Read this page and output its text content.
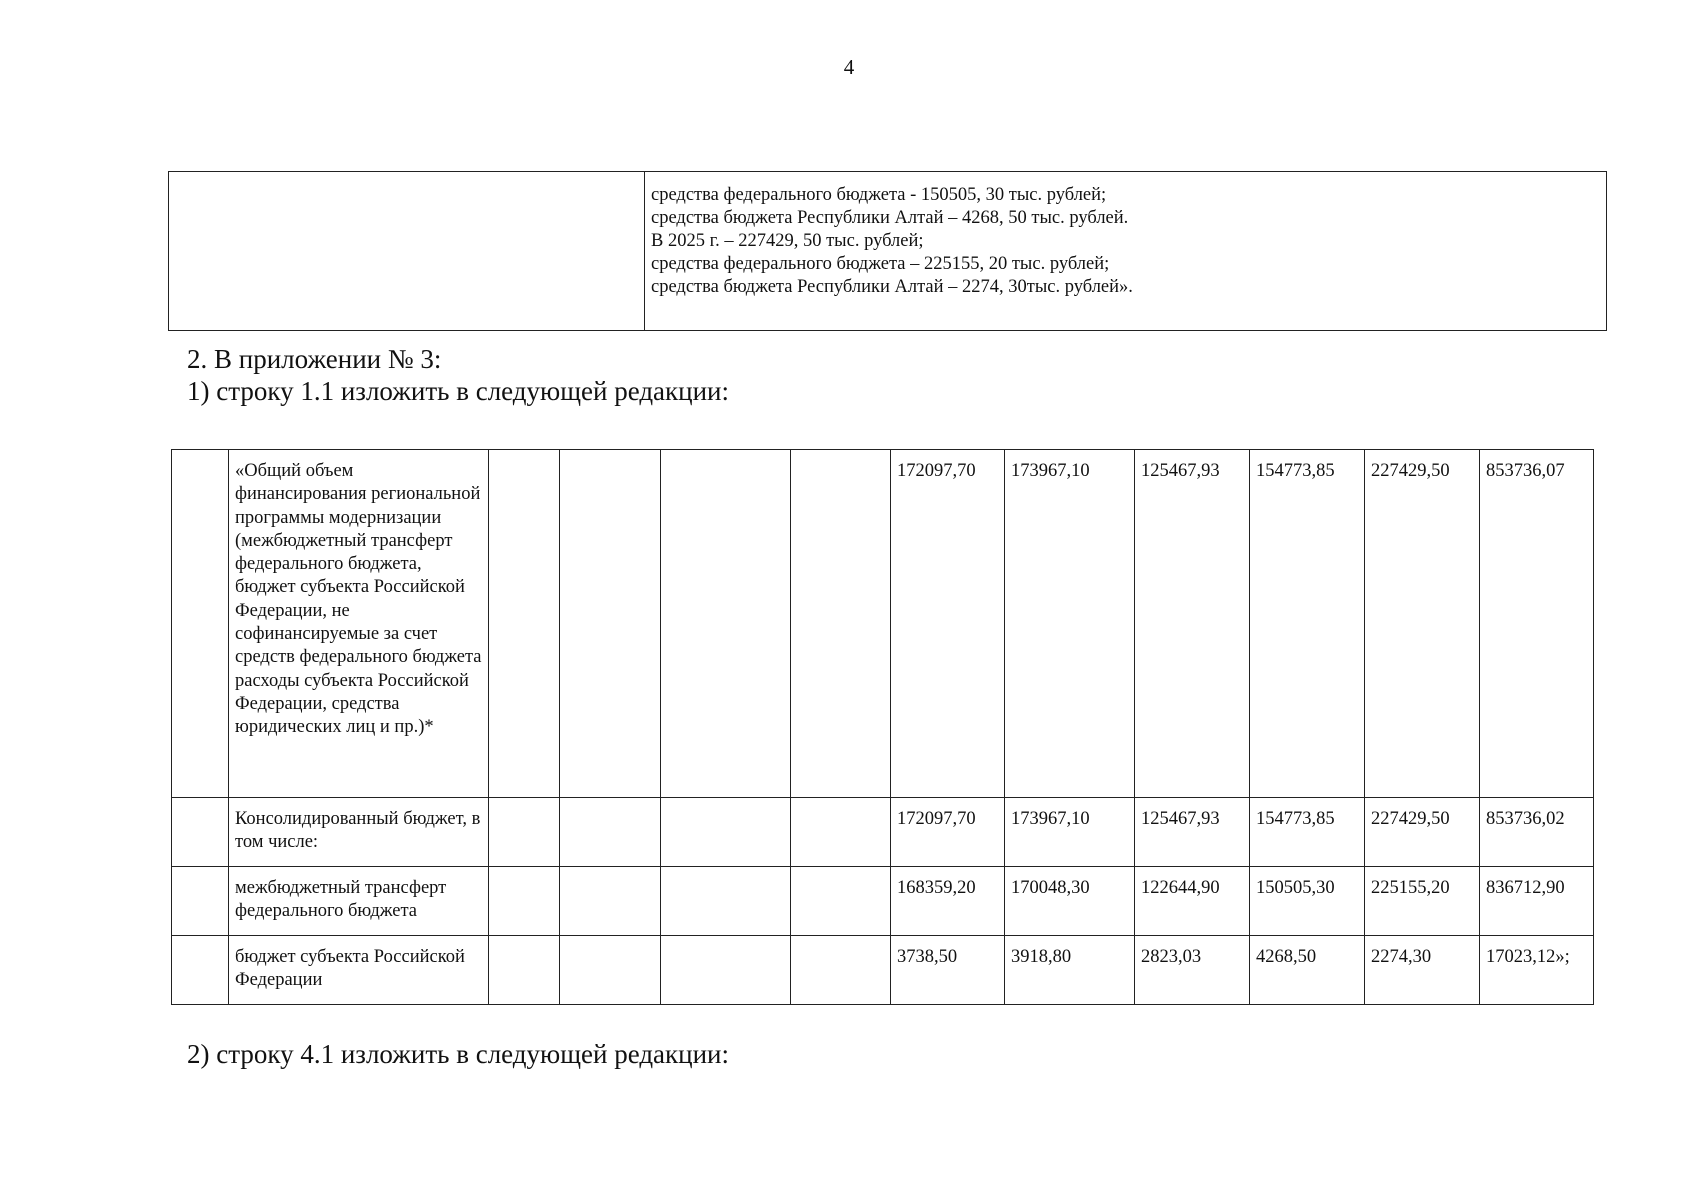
4

средства федерального бюджета - 150505, 30 тыс. рублей;
средства бюджета Республики Алтай – 4268, 50 тыс. рублей.
В 2025 г. – 227429, 50 тыс. рублей;
средства федерального бюджета – 225155, 20 тыс. рублей;
средства бюджета Республики Алтай – 2274, 30тыс. рублей».
2. В приложении № 3:
1) строку 1.1 изложить в следующей редакции:
	«Общий объем финансирования региональной программы модернизации (межбюджетный трансферт федерального бюджета, бюджет субъекта Российской Федерации, не софинансируемые за счет средств федерального бюджета расходы субъекта Российской Федерации, средства юридических лиц и пр.)*					172097,70	173967,10	125467,93	154773,85	227429,50	853736,07
	Консолидированный бюджет, в том числе:					172097,70	173967,10	125467,93	154773,85	227429,50	853736,02
	межбюджетный трансферт федерального бюджета					168359,20	170048,30	122644,90	150505,30	225155,20	836712,90
	бюджет субъекта Российской Федерации					3738,50	3918,80	2823,03	4268,50	2274,30	17023,12»;
2) строку 4.1 изложить в следующей редакции:
